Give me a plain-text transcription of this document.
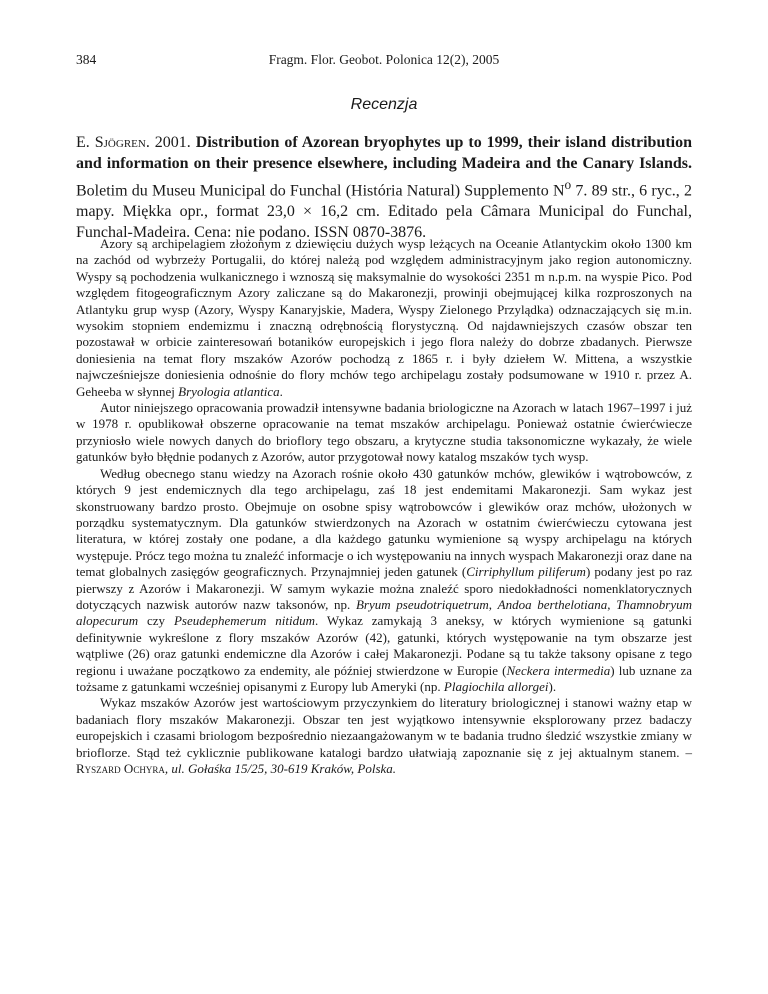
384	Fragm. Flor. Geobot. Polonica 12(2), 2005
Recenzja
E. Sjögren. 2001. Distribution of Azorean bryophytes up to 1999, their island distribution and information on their presence elsewhere, including Madeira and the Canary Islands. Boletim du Museu Municipal do Funchal (História Natural) Supplemento $N^o$ 7. 89 str., 6 ryc., 2 mapy. Miękka opr., format 23,0 × 16,2 cm. Editado pela Câmara Municipal do Funchal, Funchal-Madeira. Cena: nie podano. ISSN 0870-3876.

Azory są archipelagiem złożonym z dziewięciu dużych wysp leżących na Oceanie Atlantyckim około 1300 km na zachód od wybrzeży Portugalii, do której należą pod względem administracyjnym jako region autonomiczny. Wyspy są pochodzenia wulkanicznego i wznoszą się maksymalnie do wysokości 2351 m n.p.m. na wyspie Pico. Pod względem fitogeograficznym Azory zaliczane są do Makaronezji, prowinji obejmującej kilka rozproszonych na Atlantyku grup wysp (Azory, Wyspy Kanaryjskie, Madera, Wyspy Zielonego Przylądka) odznaczających się m.in. wysokim stopniem endemizmu i znaczną odrębnością florystyczną. Od najdawniejszych czasów obszar ten pozostawał w orbicie zainteresowań botaników europejskich i jego flora należy do dobrze zbadanych. Pierwsze doniesienia na temat flory mszaków Azorów pochodzą z 1865 r. i były dziełem W. Mittena, a wszystkie najwcześniejsze doniesienia odnośnie do flory mchów tego archipelagu zostały podsumowane w 1910 r. przez A. Geheeba w słynnej Bryologia atlantica.

Autor niniejszego opracowania prowadził intensywne badania briologiczne na Azorach w latach 1967–1997 i już w 1978 r. opublikował obszerne opracowanie na temat mszaków archipelagu. Ponieważ ostatnie ćwierćwiecze przyniosło wiele nowych danych do brioflory tego obszaru, a krytyczne studia taksonomiczne wykazały, że wiele gatunków było błędnie podanych z Azorów, autor przygotował nowy katalog mszaków tych wysp.

Według obecnego stanu wiedzy na Azorach rośnie około 430 gatunków mchów, glewików i wątrobowców, z których 9 jest endemicznych dla tego archipelagu, zaś 18 jest endemitami Makaronezji. Sam wykaz jest skonstruowany bardzo prosto. Obejmuje on osobne spisy wątrobowców i glewików oraz mchów, ułożonych w porządku systematycznym. Dla gatunków stwierdzonych na Azorach w ostatnim ćwierćwieczu cytowana jest literatura, w której zostały one podane, a dla każdego gatunku wymienione są wyspy archipelagu na których występuje. Prócz tego można tu znaleźć informacje o ich występowaniu na innych wyspach Makaronezji oraz dane na temat globalnych zasięgów geograficznych. Przynajmniej jeden gatunek (Cirriphyllum piliferum) podany jest po raz pierwszy z Azorów i Makaronezji. W samym wykazie można znaleźć sporo niedokładności nomenklatorycznych dotyczących nazwisk autorów nazw taksonów, np. Bryum pseudotriquetrum, Andoa berthelotiana, Thamnobryum alopecurum czy Pseudephemerum nitidum. Wykaz zamykają 3 aneksy, w których wymienione są gatunki definitywnie wykreślone z flory mszaków Azorów (42), gatunki, których występowanie na tym obszarze jest wątpliwe (26) oraz gatunki endemiczne dla Azorów i całej Makaronezji. Podane są tu także taksony opisane z tego regionu i uważane początkowo za endemity, ale później stwierdzone w Europie (Neckera intermedia) lub uznane za tożsame z gatunkami wcześniej opisanymi z Europy lub Ameryki (np. Plagiochila allorgei).

Wykaz mszaków Azorów jest wartościowym przyczynkiem do literatury briologicznej i stanowi ważny etap w badaniach flory mszaków Makaronezji. Obszar ten jest wyjątkowo intensywnie eksplorowany przez badaczy europejskich i czasami briologom bezpośrednio niezaangażowanym w te badania trudno śledzić wszystkie zmiany w brioflorze. Stąd też cyklicznie publikowane katalogi bardzo ułatwiają zapoznanie się z jej aktualnym stanem. – Ryszard Ochyra, ul. Gołaśka 15/25, 30-619 Kraków, Polska.
